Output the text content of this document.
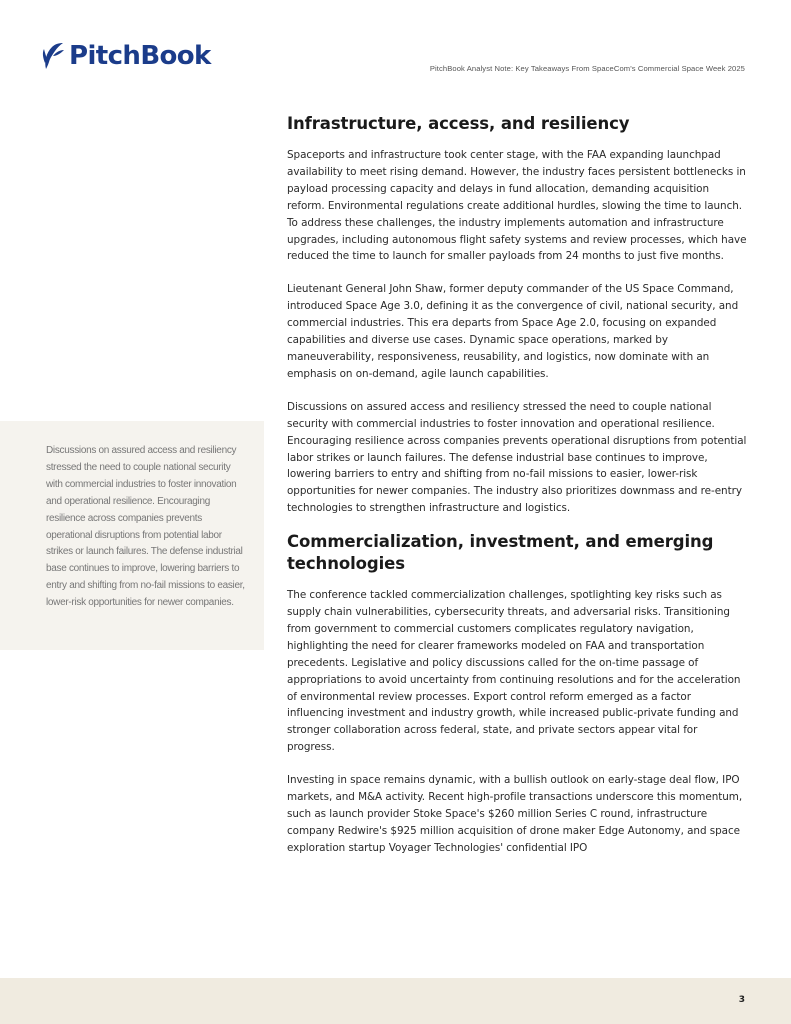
PitchBook	PitchBook Analyst Note: Key Takeaways From SpaceCom's Commercial Space Week 2025

Discussions on assured access and resiliency stressed the need to couple national security with commercial industries to foster innovation and operational resilience. Encouraging resilience across companies prevents operational disruptions from potential labor strikes or launch failures. The defense industrial base continues to improve, lowering barriers to entry and shifting from no-fail missions to easier, lower-risk opportunities for newer companies.

Infrastructure, access, and resiliency

Spaceports and infrastructure took center stage, with the FAA expanding launchpad availability to meet rising demand. However, the industry faces persistent bottlenecks in payload processing capacity and delays in fund allocation, demanding acquisition reform. Environmental regulations create additional hurdles, slowing the time to launch. To address these challenges, the industry implements automation and infrastructure upgrades, including autonomous flight safety systems and review processes, which have reduced the time to launch for smaller payloads from 24 months to just five months.

Lieutenant General John Shaw, former deputy commander of the US Space Command, introduced Space Age 3.0, defining it as the convergence of civil, national security, and commercial industries. This era departs from Space Age 2.0, focusing on expanded capabilities and diverse use cases. Dynamic space operations, marked by maneuverability, responsiveness, reusability, and logistics, now dominate with an emphasis on on-demand, agile launch capabilities.

Discussions on assured access and resiliency stressed the need to couple national security with commercial industries to foster innovation and operational resilience. Encouraging resilience across companies prevents operational disruptions from potential labor strikes or launch failures. The defense industrial base continues to improve, lowering barriers to entry and shifting from no-fail missions to easier, lower-risk opportunities for newer companies. The industry also prioritizes downmass and re-entry technologies to strengthen infrastructure and logistics.

Commercialization, investment, and emerging technologies

The conference tackled commercialization challenges, spotlighting key risks such as supply chain vulnerabilities, cybersecurity threats, and adversarial risks. Transitioning from government to commercial customers complicates regulatory navigation, highlighting the need for clearer frameworks modeled on FAA and transportation precedents. Legislative and policy discussions called for the on-time passage of appropriations to avoid uncertainty from continuing resolutions and for the acceleration of environmental review processes. Export control reform emerged as a factor influencing investment and industry growth, while increased public-private funding and stronger collaboration across federal, state, and private sectors appear vital for progress.

Investing in space remains dynamic, with a bullish outlook on early-stage deal flow, IPO markets, and M&A activity. Recent high-profile transactions underscore this momentum, such as launch provider Stoke Space's $260 million Series C round, infrastructure company Redwire's $925 million acquisition of drone maker Edge Autonomy, and space exploration startup Voyager Technologies' confidential IPO

3
